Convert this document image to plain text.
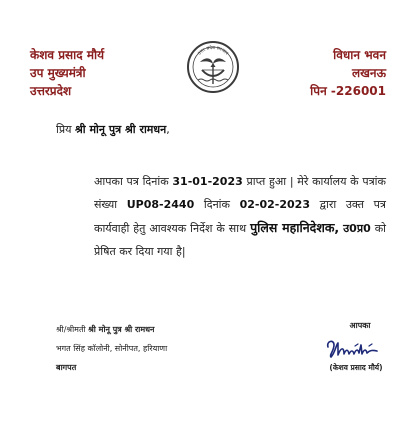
केशव प्रसाद मौर्य
उप मुख्यमंत्री
उत्तरप्रदेश
उत्तर प्रदेश सरकार	विधान भवन
लखनऊ
पिन -226001
प्रिय श्री मोनू पुत्र श्री रामधन,
आपका पत्र दिनांक 31-01-2023 प्राप्त हुआ | मेरे कार्यालय के पत्रांक संख्या UP08-2440 दिनांक 02-02-2023 द्वारा उक्त पत्र कार्यवाही हेतु आवश्यक निर्देश के साथ पुलिस महानिदेशक, उ0प्र0 को प्रेषित कर दिया गया है|
श्री/श्रीमती श्री मोनू पुत्र श्री रामधन
भगत सिंह कॉलोनी, सोनीपत, हरियाणा
बागपत
आपका
(केशव प्रसाद मौर्य)
